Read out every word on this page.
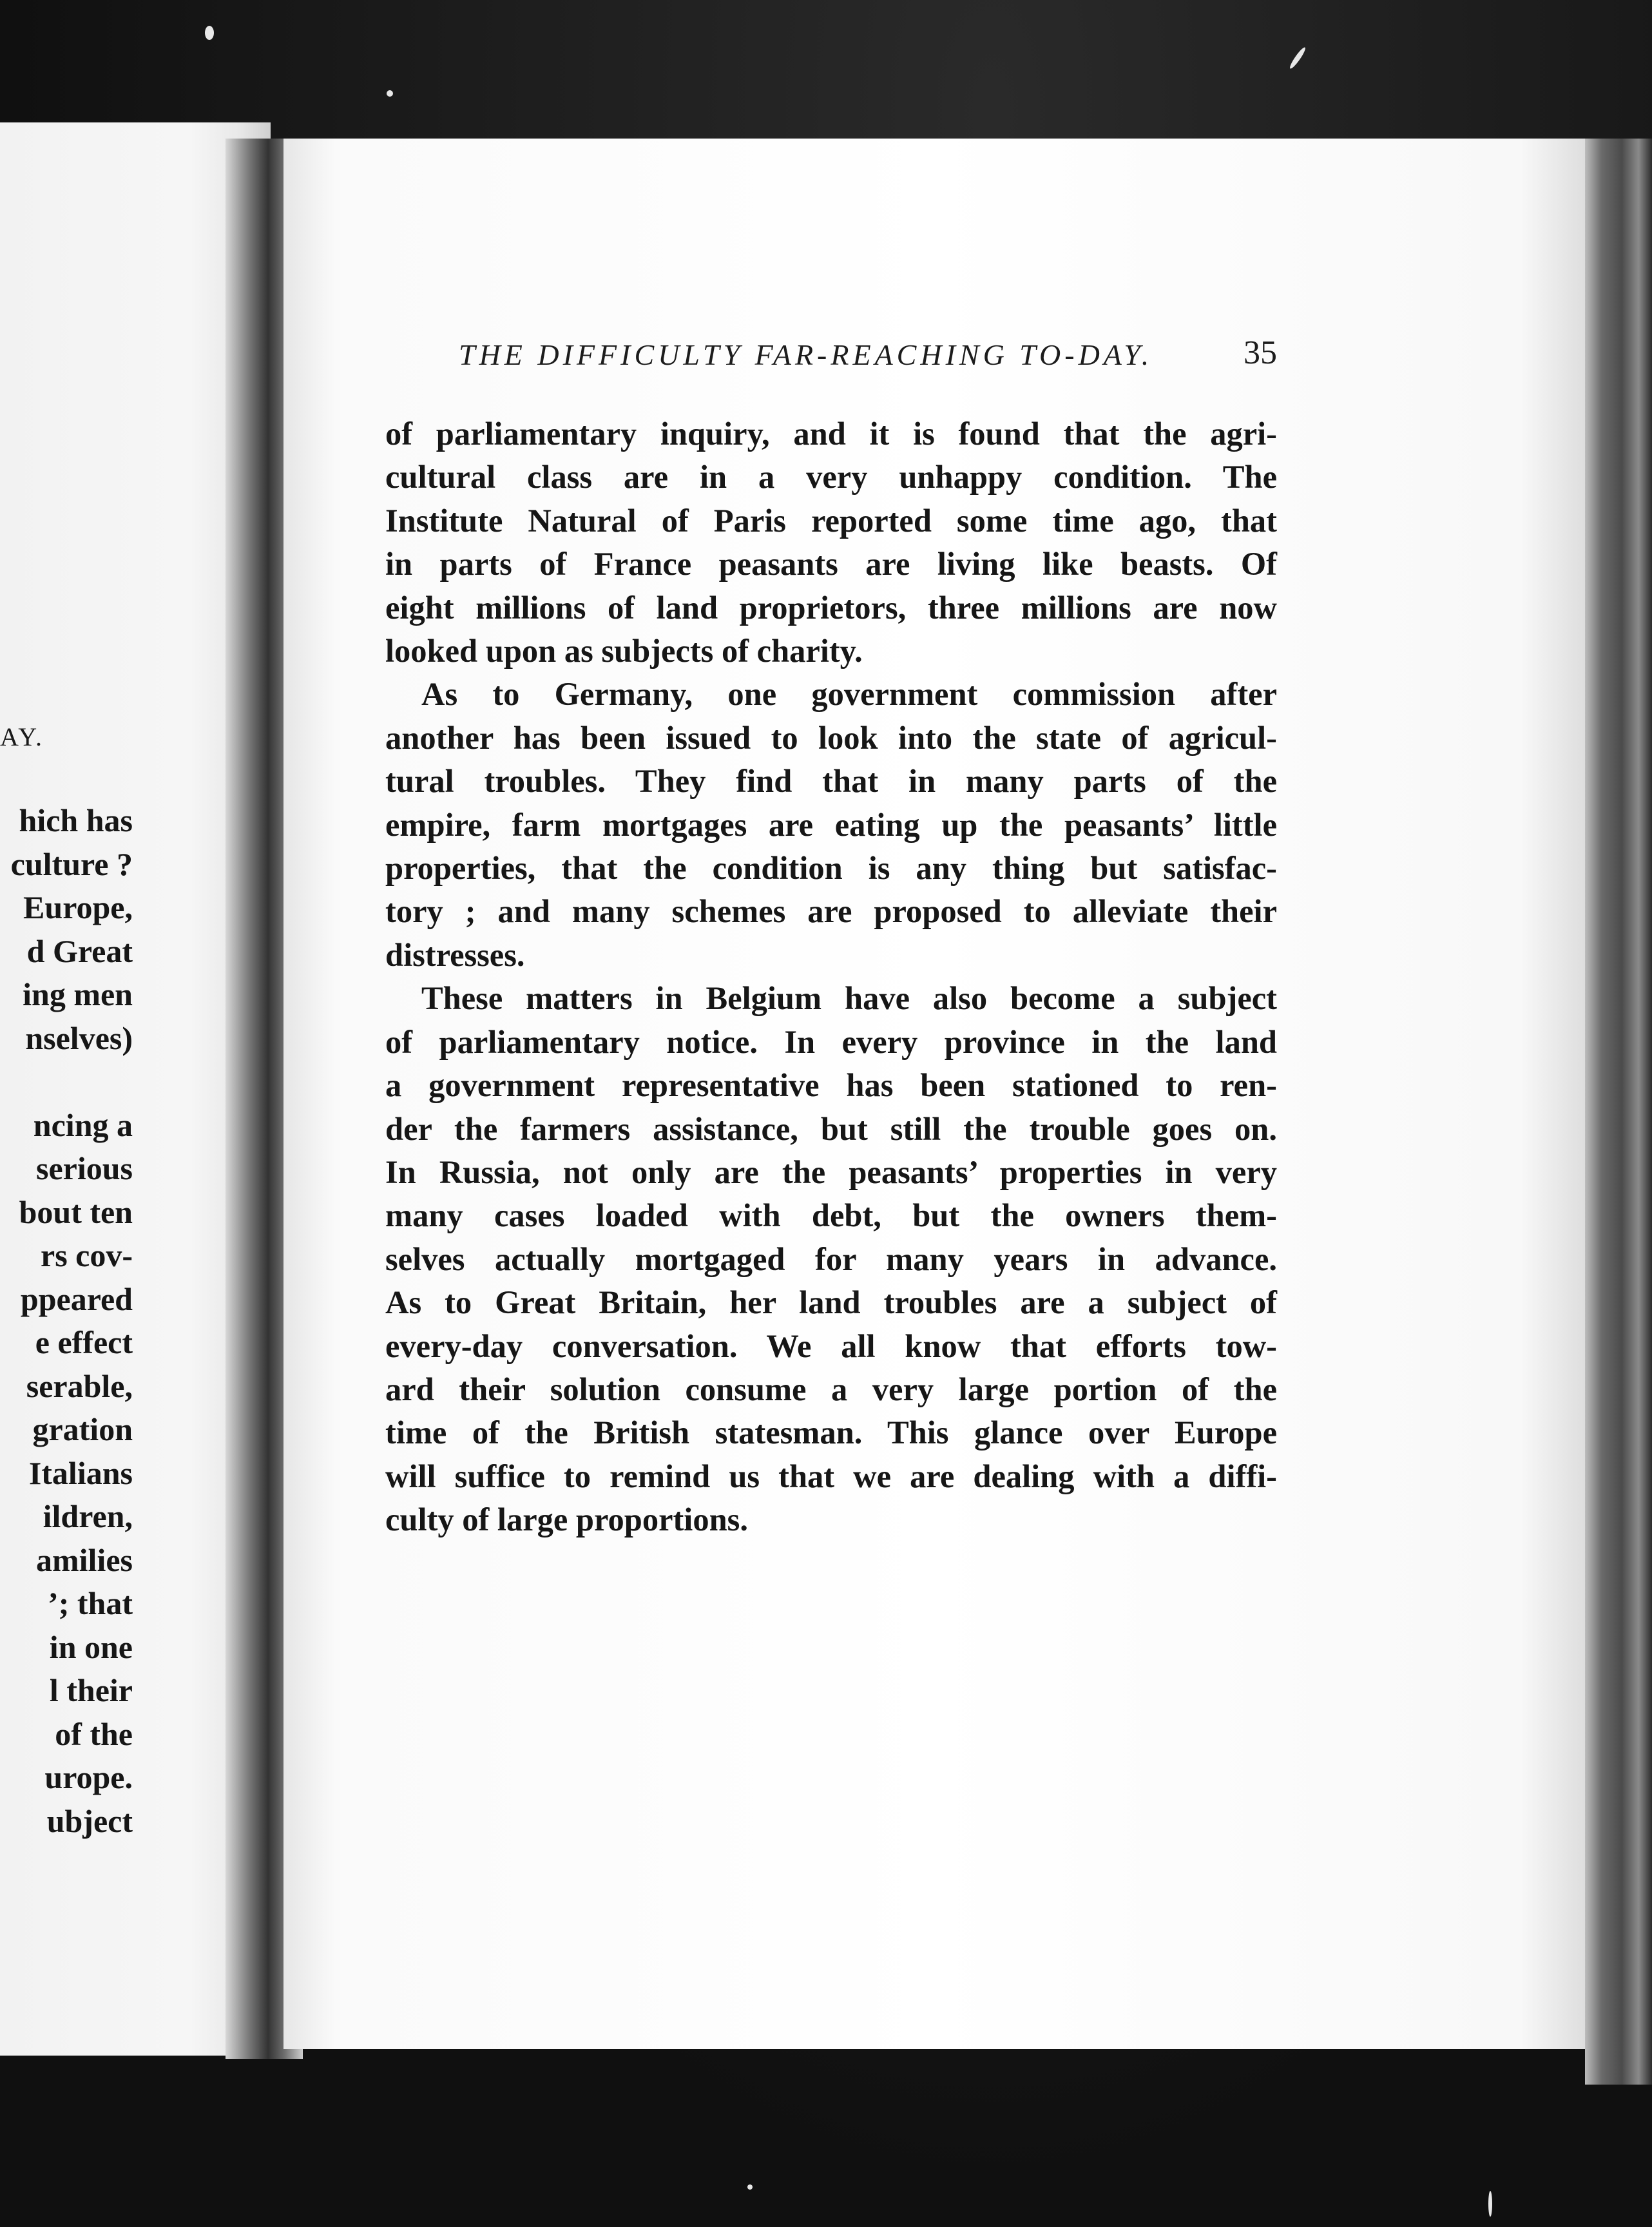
AY.
hich has
culture ?
Europe,
d Great
ing men
nselves)

ncing a
serious
bout ten
rs cov-
ppeared
e effect
serable,
gration
Italians
ildren,
amilies
’; that
in one
l their
of the
urope.
ubject
THE DIFFICULTY FAR-REACHING TO-DAY.	35

of parliamentary inquiry, and it is found that the agri-
cultural class are in a very unhappy condition. The
Institute Natural of Paris reported some time ago, that
in parts of France peasants are living like beasts. Of
eight millions of land proprietors, three millions are now
looked upon as subjects of charity.

As to Germany, one government commission after
another has been issued to look into the state of agricul-
tural troubles. They find that in many parts of the
empire, farm mortgages are eating up the peasants’ little
properties, that the condition is any thing but satisfac-
tory ; and many schemes are proposed to alleviate their
distresses.

These matters in Belgium have also become a subject
of parliamentary notice. In every province in the land
a government representative has been stationed to ren-
der the farmers assistance, but still the trouble goes on.
In Russia, not only are the peasants’ properties in very
many cases loaded with debt, but the owners them-
selves actually mortgaged for many years in advance.
As to Great Britain, her land troubles are a subject of
every-day conversation. We all know that efforts tow-
ard their solution consume a very large portion of the
time of the British statesman. This glance over Europe
will suffice to remind us that we are dealing with a diffi-
culty of large proportions.
